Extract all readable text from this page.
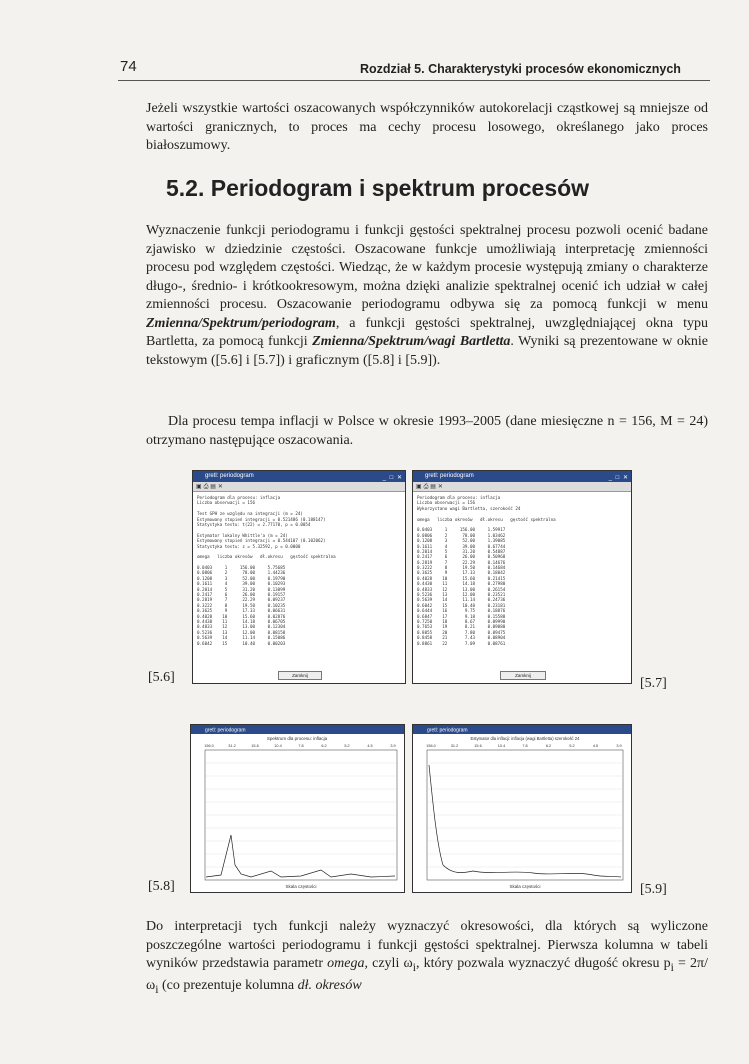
74	Rozdział 5. Charakterystyki procesów ekonomicznych

Jeżeli wszystkie wartości oszacowanych współczynników autokorelacji cząstkowej są mniejsze od wartości granicznych, to proces ma cechy procesu losowego, określanego jako proces białoszumowy.

5.2. Periodogram i spektrum procesów

Wyznaczenie funkcji periodogramu i funkcji gęstości spektralnej procesu pozwoli ocenić badane zjawisko w dziedzinie częstości. Oszacowane funkcje umożliwiają interpretację zmienności procesu pod względem częstości. Wiedząc, że w każdym procesie występują zmiany o charakterze długo-, średnio- i krótkookresowym, można dzięki analizie spektralnej ocenić ich udział w całej zmienności procesu. Oszacowanie periodogramu odbywa się za pomocą funkcji w menu Zmienna/Spektrum/periodogram, a funkcji gęstości spektralnej, uwzględniającej okna typu Bartletta, za pomocą funkcji Zmienna/Spektrum/wagi Bartletta. Wyniki są prezentowane w oknie tekstowym ([5.6] i [5.7]) i graficznym ([5.8] i [5.9]).

Dla procesu tempa inflacji w Polsce w okresie 1993–2005 (dane miesięczne n = 156, M = 24) otrzymano następujące oszacowania.

gretl: periodogram	_ □ ✕
▣ ⎙ ▤ ✕
Periodogram dla procesu: inflacja
Liczba obserwacji = 156
Test GPH ze względu na integracji (m = 24)
Estymowany stopień integracji = 0.521486 (0.188147)
Statystyka testu: t(22) = 2.77170, p = 0.0054
Estymator lokalny Whittle'a (m = 24)
Estymowany stopień integracji = 0.544107 (0.102062)
Statystyka testu: z = 5.32592, p = 0.0000
omega   liczba okresów   dł.okresu   gęstość spektralna
0.0403     1     156.00     5.75685
0.0806     2      78.00     1.44236
0.1208     3      52.00     0.19790
0.1611     4      39.00     0.10293
0.2014     5      31.20     0.13099
0.2417     6      26.00     0.19157
0.2819     7      22.29     0.09237
0.3222     8      19.50     0.10235
0.3625     9      17.33     0.06631
0.4028    10      15.60     0.02876
0.4430    11      14.18     0.06705
0.4833    12      13.00     0.12304
0.5236    13      12.00     0.08158
0.5639    14      11.14     0.15086
0.6042    15      10.40     0.00203
Zamknij
[5.6]
gretl: periodogram	_ □ ✕
▣ ⎙ ▤ ✕
Periodogram dla procesu: inflacja
Liczba obserwacji = 156
Wykorzystano wagi Bartletta, szerokość 24
omega   liczba okresów   dł.okresu   gęstość spektralna
0.0403     1     156.00     1.59917
0.0806     2      78.00     1.03462
0.1208     3      52.00     1.39085
0.1611     4      39.00     0.67744
0.2014     5      31.20     0.54887
0.2417     6      26.00     0.50968
0.2819     7      22.29     0.14676
0.3222     8      19.50     0.14684
0.3625     9      17.33     0.18042
0.4028    10      15.60     0.21415
0.4430    11      14.18     0.27980
0.4833    12      13.00     0.26154
0.5236    13      12.00     0.23521
0.5639    14      11.14     0.24736
0.6042    15      10.40     0.23181
0.6444    16       9.75     0.18876
0.6847    17       9.18     0.15588
0.7250    18       8.67     0.09990
0.7653    19       8.21     0.09080
0.8055    20       7.80     0.09475
0.8458    21       7.43     0.08904
0.8861    22       7.09     0.08761
Zamknij
[5.7]
gretl: periodogram
Spektrum dla procesu: inflacja
156.0	31.2	15.6	10.4	7.8	6.2	5.2	4.5	3.9
Skala częstości
[5.8]
gretl: periodogram
Estymator dla inflacji: inflacja (wagi Bartletta) szerokość 24
156.0	31.2	15.6	10.4	7.8	6.2	5.2	4.5	3.9
Skala częstości	[5.9]

Do interpretacji tych funkcji należy wyznaczyć okresowości, dla których są wyliczone poszczególne wartości periodogramu i funkcji gęstości spektralnej. Pierwsza kolumna w tabeli wyników przedstawia parametr omega, czyli $\omega_i$, który pozwala wyznaczyć długość okresu $p_i = 2\pi/\omega_i$ (co prezentuje kolumna dł. okresów
